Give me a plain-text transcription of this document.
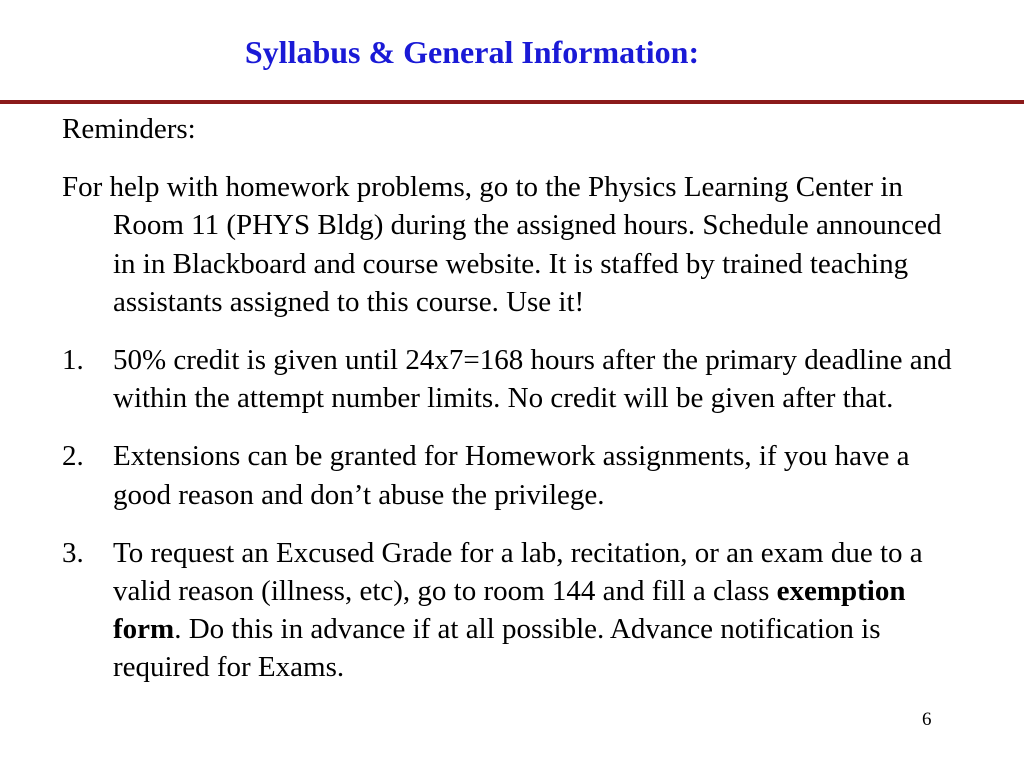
Syllabus & General Information:

Reminders:

For help with homework problems, go to the Physics Learning Center in Room 11 (PHYS Bldg) during the assigned hours. Schedule announced in in Blackboard and course website. It is staffed by trained teaching assistants assigned to this course. Use it!

1. 50% credit is given until 24x7=168 hours after the primary deadline and within the attempt number limits. No credit will be given after that.
2. Extensions can be granted for Homework assignments, if you have a good reason and don’t abuse the privilege.
3. To request an Excused Grade for a lab, recitation, or an exam due to a valid reason (illness, etc), go to room 144 and fill a class exemption form. Do this in advance if at all possible. Advance notification is required for Exams.
6
